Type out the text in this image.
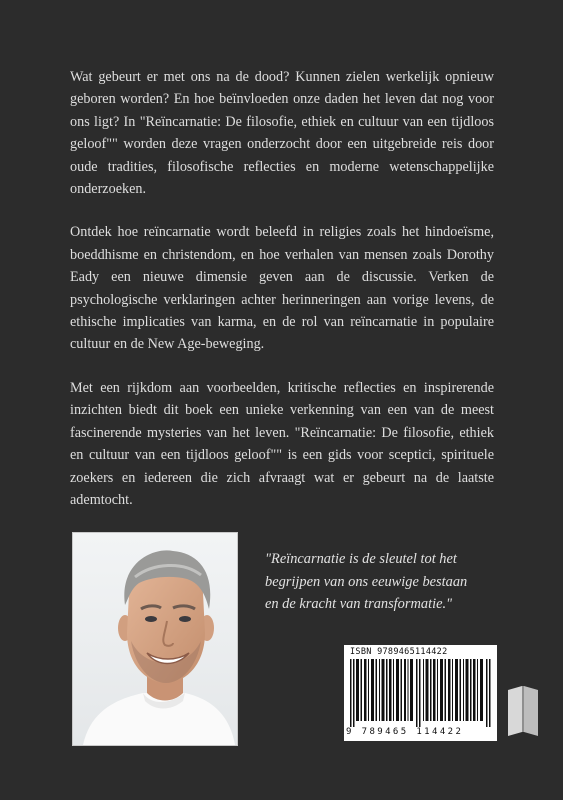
Wat gebeurt er met ons na de dood? Kunnen zielen werkelijk opnieuw geboren worden? En hoe beïnvloeden onze daden het leven dat nog voor ons ligt? In "Reïncarnatie: De filosofie, ethiek en cultuur van een tijdloos geloof"" worden deze vragen onderzocht door een uitgebreide reis door oude tradities, filosofische reflecties en moderne wetenschappelijke onderzoeken.

Ontdek hoe reïncarnatie wordt beleefd in religies zoals het hindoeïsme, boeddhisme en christendom, en hoe verhalen van mensen zoals Dorothy Eady een nieuwe dimensie geven aan de discussie. Verken de psychologische verklaringen achter herinneringen aan vorige levens, de ethische implicaties van karma, en de rol van reïncarnatie in populaire cultuur en de New Age-beweging.

Met een rijkdom aan voorbeelden, kritische reflecties en inspirerende inzichten biedt dit boek een unieke verkenning van een van de meest fascinerende mysteries van het leven. "Reïncarnatie: De filosofie, ethiek en cultuur van een tijdloos geloof"" is een gids voor sceptici, spirituele zoekers en iedereen die zich afvraagt wat er gebeurt na de laatste ademtocht.

"Reïncarnatie is de sleutel tot het
begrijpen van ons eeuwige bestaan
en de kracht van transformatie."
ISBN 9789465114422
9 789465 114422
